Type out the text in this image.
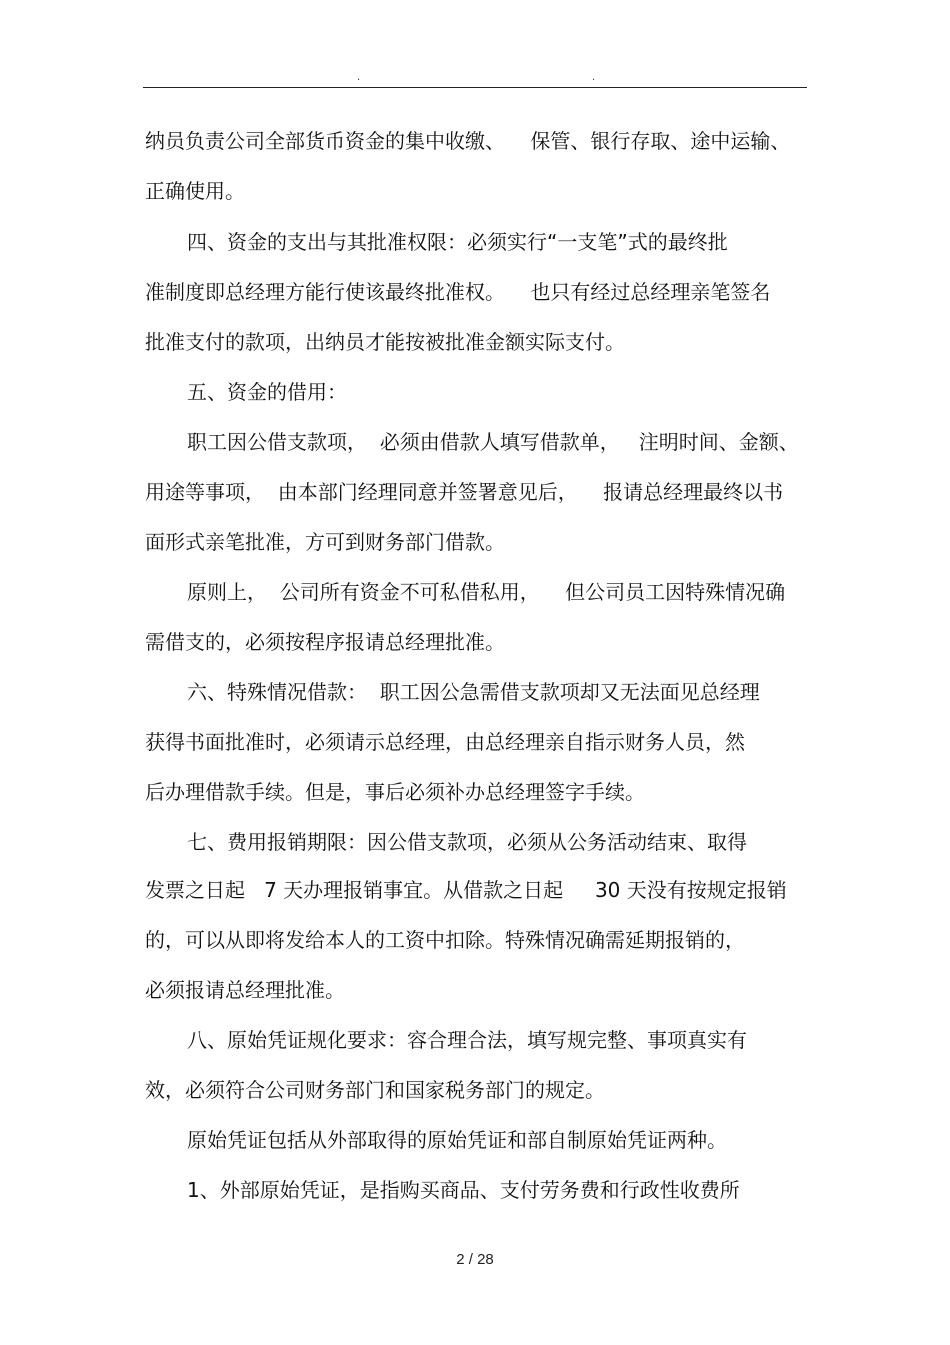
.	.
纳员负责公司全部货币资金的集中收缴、    保管、银行存取、途中运输、
正确使用。
四、资金的支出与其批准权限：必须实行“一支笔”式的最终批
准制度即总经理方能行使该最终批准权。    也只有经过总经理亲笔签名
批准支付的款项，出纳员才能按被批准金额实际支付。
五、资金的借用：
职工因公借支款项，  必须由借款人填写借款单，   注明时间、金额、
用途等事项，  由本部门经理同意并签署意见后，    报请总经理最终以书
面形式亲笔批准，方可到财务部门借款。
原则上，  公司所有资金不可私借私用，    但公司员工因特殊情况确
需借支的，必须按程序报请总经理批准。
六、特殊情况借款：  职工因公急需借支款项却又无法面见总经理
获得书面批准时，必须请示总经理，由总经理亲自指示财务人员，然
后办理借款手续。但是，事后必须补办总经理签字手续。
七、费用报销期限：因公借支款项，必须从公务活动结束、取得
发票之日起   7 天办理报销事宜。从借款之日起     30 天没有按规定报销
的，可以从即将发给本人的工资中扣除。特殊情况确需延期报销的，
必须报请总经理批准。
八、原始凭证规化要求：容合理合法，填写规完整、事项真实有
效，必须符合公司财务部门和国家税务部门的规定。
原始凭证包括从外部取得的原始凭证和部自制原始凭证两种。
1、外部原始凭证，是指购买商品、支付劳务费和行政性收费所
2 / 28
